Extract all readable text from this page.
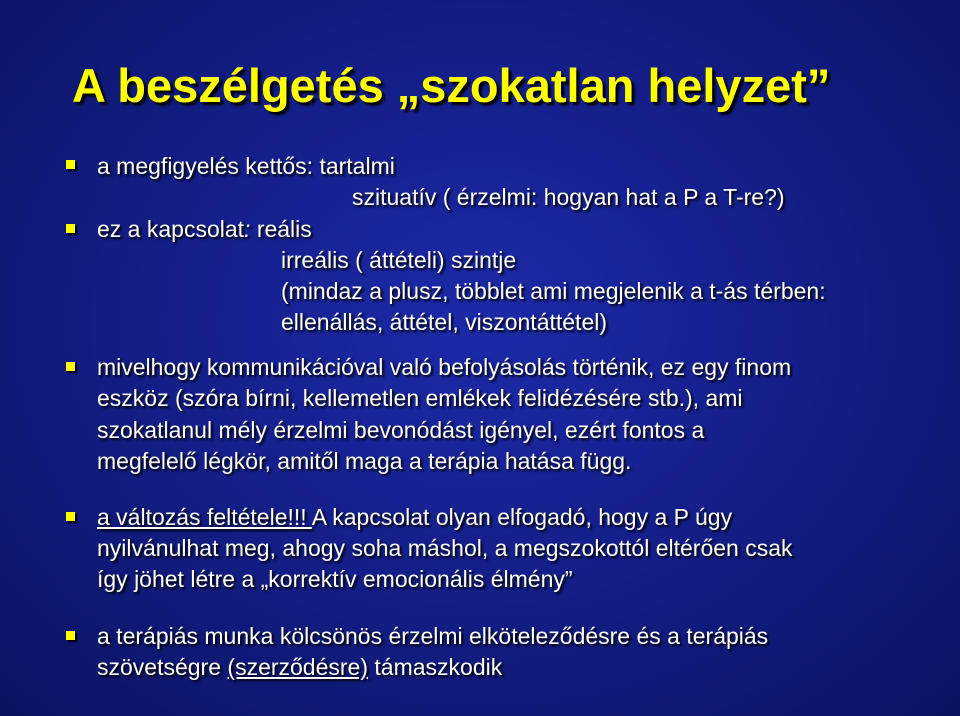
A beszélgetés „szokatlan helyzet”
a megfigyelés kettős: tartalmi
szituatív ( érzelmi: hogyan hat a P a T-re?)
ez a kapcsolat: reális
irreális ( áttételi) szintje
(mindaz a plusz, többlet ami megjelenik a t-ás térben:
ellenállás, áttétel, viszontáttétel)
mivelhogy kommunikációval való befolyásolás történik, ez egy finom
eszköz (szóra bírni, kellemetlen emlékek felidézésére stb.), ami
szokatlanul mély érzelmi bevonódást igényel, ezért fontos a
megfelelő légkör, amitől maga a terápia hatása függ.
a változás feltétele!!! A kapcsolat olyan elfogadó, hogy a P úgy
nyilvánulhat meg, ahogy soha máshol, a megszokottól eltérően csak
így jöhet létre a „korrektív emocionális élmény”
a terápiás munka kölcsönös érzelmi elköteleződésre és a terápiás
szövetségre (szerződésre) támaszkodik
